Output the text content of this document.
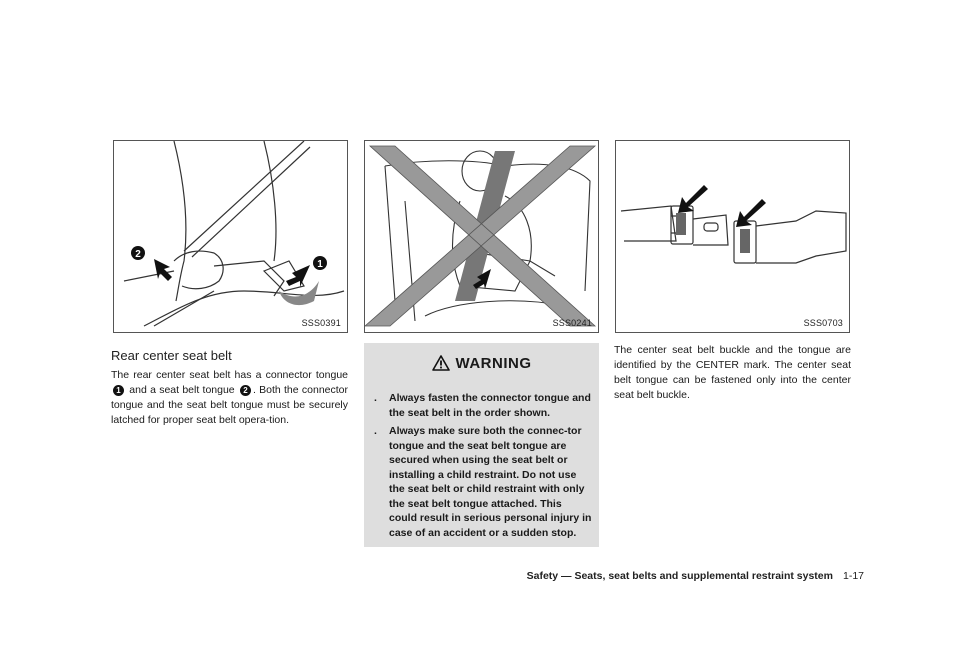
2
1
SSS0391	SSS0241	SSS0703
Rear center seat belt
The rear center seat belt has a connector tongue 1 and a seat belt tongue 2 . Both the connector tongue and the seat belt tongue must be securely latched for proper seat belt opera-tion.
WARNING
. Always fasten the connector tongue and the seat belt in the order shown.
. Always make sure both the connec-tor tongue and the seat belt tongue are secured when using the seat belt or installing a child restraint. Do not use the seat belt or child restraint with only the seat belt tongue attached. This could result in serious personal injury in case of an accident or a sudden stop.
The center seat belt buckle and the tongue are identified by the CENTER mark. The center seat belt tongue can be fastened only into the center seat belt buckle.
Safety — Seats, seat belts and supplemental restraint system 1-17
